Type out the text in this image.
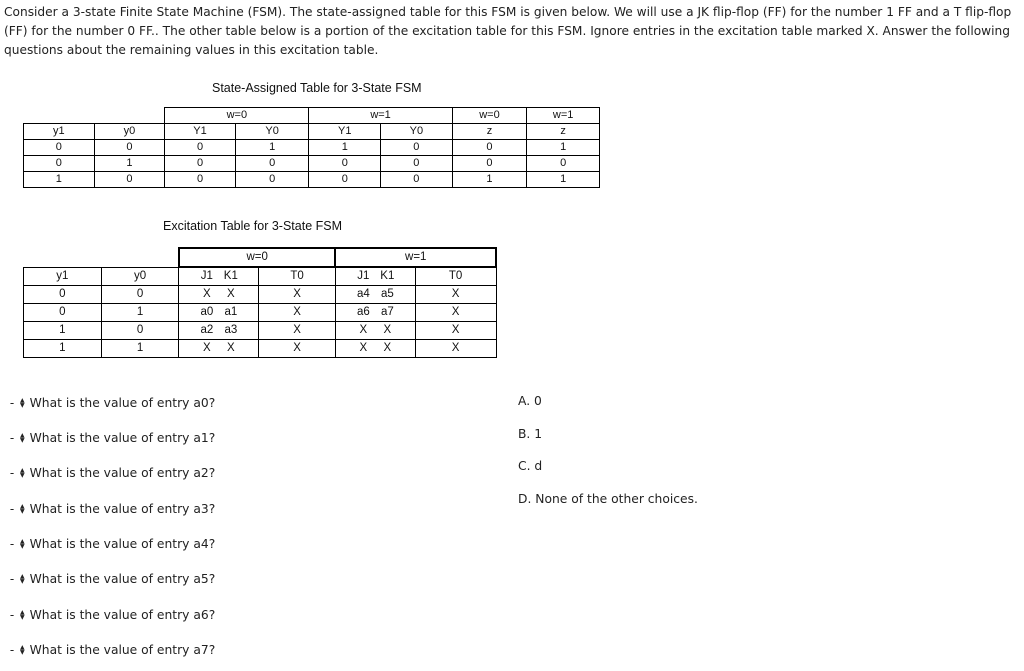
Consider a 3-state Finite State Machine (FSM). The state-assigned table for this FSM is given below. We will use a JK flip-flop (FF) for the number 1 FF and a T flip-flop (FF) for the number 0 FF.. The other table below is a portion of the excitation table for this FSM. Ignore entries in the excitation table marked X. Answer the following questions about the remaining values in this excitation table.
State-Assigned Table for 3-State FSM
		w=0		w=1		w=0	w=1
y1	y0	Y1	Y0	Y1	Y0	z	z
0	0	0	1	1	0	0	1
0	1	0	0	0	0	0	0
1	0	0	0	0	0	1	1
Excitation Table for 3-State FSM
		w=0		w=1	
y1	y0	J1 K1	T0	J1 K1	T0
0	0	X X	X	a4 a5	X
0	1	a0 a1	X	a6 a7	X
1	0	a2 a3	X	X X	X
1	1	X X	X	X X	X
- ▲
▼ What is the value of entry a0?
- ▲
▼ What is the value of entry a1?
- ▲
▼ What is the value of entry a2?
- ▲
▼ What is the value of entry a3?
- ▲
▼ What is the value of entry a4?
- ▲
▼ What is the value of entry a5?
- ▲
▼ What is the value of entry a6?
- ▲
▼ What is the value of entry a7?
A. 0
B. 1
C. d
D. None of the other choices.
